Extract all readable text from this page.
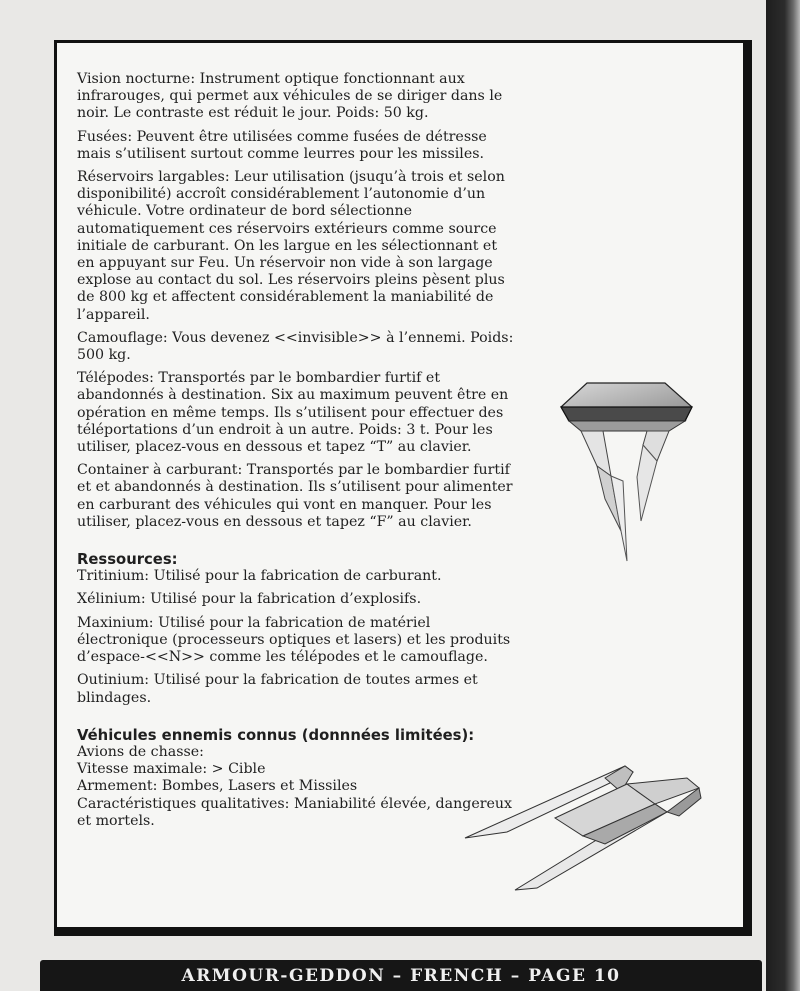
Vision nocturne: Instrument optique fonctionnant aux infrarouges, qui permet aux véhicules de se diriger dans le noir. Le contraste est réduit le jour. Poids: 50 kg.

Fusées: Peuvent être utilisées comme fusées de détresse mais s’utilisent surtout comme leurres pour les missiles.

Réservoirs largables: Leur utilisation (jsuqu’à trois et selon disponibilité) accroît considérablement l’autonomie d’un véhicule. Votre ordinateur de bord sélectionne automatiquement ces réservoirs extérieurs comme source initiale de carburant. On les largue en les sélectionnant et en appuyant sur Feu. Un réservoir non vide à son largage explose au contact du sol. Les réservoirs pleins pèsent plus de 800 kg et affectent considérablement la maniabilité de l’appareil.

Camouflage: Vous devenez <<invisible>> à l’ennemi. Poids: 500 kg.

Télépodes: Transportés par le bombardier furtif et abandonnés à destination. Six au maximum peuvent être en opération en même temps. Ils s’utilisent pour effectuer des téléportations d’un endroit à un autre. Poids: 3 t. Pour les utiliser, placez-vous en dessous et tapez “T” au clavier.

Container à carburant: Transportés par le bombardier furtif et et abandonnés à destination. Ils s’utilisent pour alimenter en carburant des véhicules qui vont en manquer. Pour les utiliser, placez-vous en dessous et tapez “F” au clavier.

Ressources:

Tritinium: Utilisé pour la fabrication de carburant.

Xélinium: Utilisé pour la fabrication d’explosifs.

Maxinium: Utilisé pour la fabrication de matériel électronique (processeurs optiques et lasers) et les produits d’espace-<<N>> comme les télépodes et le camouflage.

Outinium: Utilisé pour la fabrication de toutes armes et blindages.

Véhicules ennemis connus (donnnées limitées):
Avions de chasse:
Vitesse maximale: > Cible
Armement: Bombes, Lasers et Missiles
Caractéristiques qualitatives: Maniabilité élevée, dangereux et mortels.
ARMOUR-GEDDON – FRENCH – PAGE 10
